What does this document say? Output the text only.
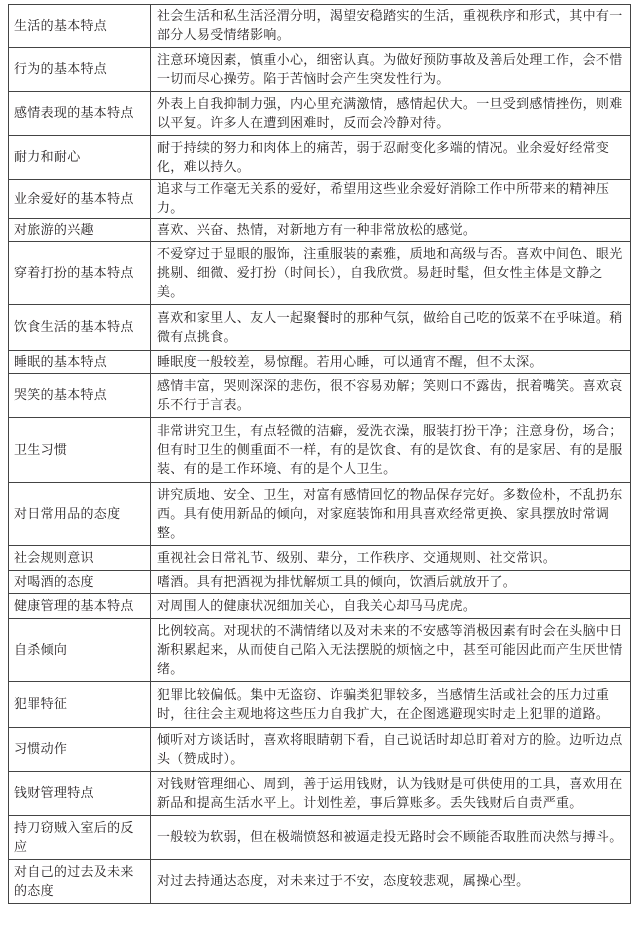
生活的基本特点	社会生活和私生活泾渭分明，渴望安稳踏实的生活，重视秩序和形式，其中有一部分人易受情绪影响。
行为的基本特点	注意环境因素，慎重小心，细密认真。为做好预防事故及善后处理工作，会不惜一切而尽心操劳。陷于苦恼时会产生突发性行为。
感情表现的基本特点	外表上自我抑制力强，内心里充满激情，感情起伏大。一旦受到感情挫伤，则难以平复。许多人在遭到困难时，反而会冷静对待。
耐力和耐心	耐于持续的努力和肉体上的痛苦，弱于忍耐变化多端的情况。业余爱好经常变化，难以持久。
业余爱好的基本特点	追求与工作毫无关系的爱好，希望用这些业余爱好消除工作中所带来的精神压力。
对旅游的兴趣	喜欢、兴奋、热情，对新地方有一种非常放松的感觉。
穿着打扮的基本特点	不爱穿过于显眼的服饰，注重服装的素雅，质地和高级与否。喜欢中间色、眼光挑剔、细微、爱打扮（时间长），自我欣赏。易赶时髦，但女性主体是文静之美。
饮食生活的基本特点	喜欢和家里人、友人一起聚餐时的那种气氛，做给自己吃的饭菜不在乎味道。稍微有点挑食。
睡眠的基本特点	睡眠度一般较差，易惊醒。若用心睡，可以通宵不醒，但不太深。
哭笑的基本特点	感情丰富，哭则深深的悲伤，很不容易劝解；笑则口不露齿，抿着嘴笑。喜欢哀乐不行于言表。
卫生习惯	非常讲究卫生，有点轻微的洁癖，爱洗衣澡，服装打扮干净；注意身份，场合；但有时卫生的侧重面不一样，有的是饮食、有的是饮食、有的是家居、有的是服装、有的是工作环境、有的是个人卫生。
对日常用品的态度	讲究质地、安全、卫生，对富有感情回忆的物品保存完好。多数俭朴，不乱扔东西。具有使用新品的倾向，对家庭装饰和用具喜欢经常更换、家具摆放时常调整。
社会规则意识	重视社会日常礼节、级别、辈分，工作秩序、交通规则、社交常识。
对喝酒的态度	嗜酒。具有把酒视为排忧解烦工具的倾向，饮酒后就放开了。
健康管理的基本特点	对周围人的健康状况细加关心，自我关心却马马虎虎。
自杀倾向	比例较高。对现状的不满情绪以及对未来的不安感等消极因素有时会在头脑中日渐积累起来，从而使自己陷入无法摆脱的烦恼之中，甚至可能因此而产生厌世情绪。
犯罪特征	犯罪比较偏低。集中无盗窃、诈骗类犯罪较多，当感情生活或社会的压力过重时，往往会主观地将这些压力自我扩大，在企图逃避现实时走上犯罪的道路。
习惯动作	倾听对方谈话时，喜欢将眼睛朝下看，自己说话时却总盯着对方的脸。边听边点头（赞成时）。
钱财管理特点	对钱财管理细心、周到，善于运用钱财，认为钱财是可供使用的工具，喜欢用在新品和提高生活水平上。计划性差，事后算账多。丢失钱财后自责严重。
持刀窃贼入室后的反应	一般较为软弱，但在极端愤怒和被逼走投无路时会不顾能否取胜而决然与搏斗。
对自己的过去及未来的态度	对过去持通达态度，对未来过于不安，态度较悲观，属操心型。
